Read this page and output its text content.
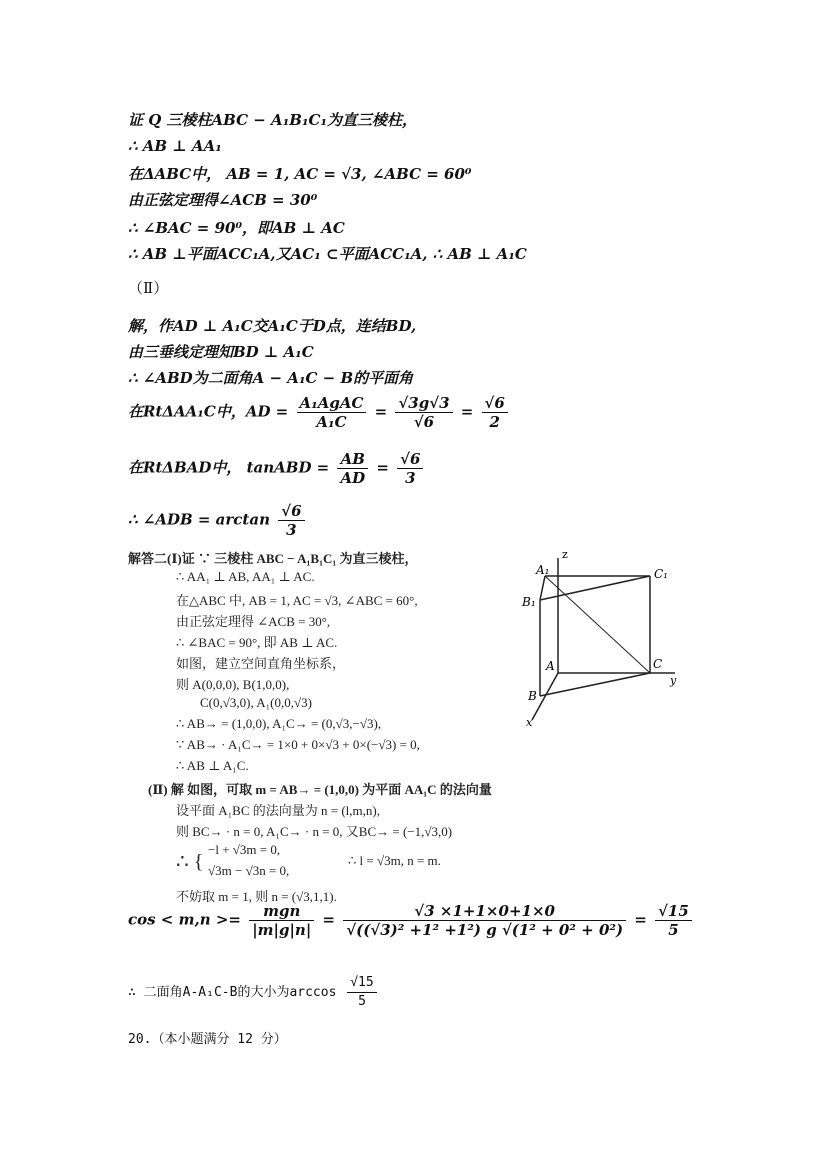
证 Q 三棱柱ABC − A₁B₁C₁为直三棱柱，
∴ AB ⊥ AA₁
在ΔABC中， AB = 1, AC = √3, ∠ABC = 60⁰
由正弦定理得∠ACB = 30⁰
∴ ∠BAC = 90⁰，即AB ⊥ AC
∴ AB ⊥平面ACC₁A,又AC₁ ⊂平面ACC₁A, ∴ AB ⊥ A₁C
（Ⅱ）
解，作AD ⊥ A₁C交A₁C于D点，连结BD,
由三垂线定理知BD ⊥ A₁C
∴ ∠ABD为二面角A − A₁C − B的平面角
在RtΔAA₁C中，AD = $\frac{\text{A₁AgAC}}{\text{A₁C}} = \frac{√3g√3}{√6} = \frac{√6}{2}$
在RtΔBAD中， tanABD = $\frac{AB}{AD} = \frac{√6}{3}$
∴ ∠ADB = $\arctan \frac{√6}{3}$
解答二(Ⅰ)证 ∵ 三棱柱 ABC − A₁B₁C₁ 为直三棱柱，
∴ AA₁ ⊥ AB, AA₁ ⊥ AC.
在△ABC 中, AB = 1, AC = √3, ∠ABC = 60°,
由正弦定理得 ∠ACB = 30°,
∴ ∠BAC = 90°, 即 AB ⊥ AC.
如图，建立空间直角坐标系，
则 A(0,0,0), B(1,0,0),
C(0,√3,0), A₁(0,0,√3)
∴ AB→ = (1,0,0), A₁C→ = (0,√3,−√3),
∵ AB→ · A₁C→ = 1×0 + 0×√3 + 0×(−√3) = 0,
∴ AB ⊥ A₁C.
(Ⅱ) 解 如图，可取 m = AB→ = (1,0,0) 为平面 AA₁C 的法向量
设平面 A₁BC 的法向量为 n = (l,m,n),
则 BC→ · n = 0, A₁C→ · n = 0, 又BC→ = (−1,√3,0)
∴ {
−l + √3m = 0,
√3m − √3n = 0,
∴ l = √3m, n = m.
不妨取 m = 1, 则 n = (√3,1,1).
z
A₁	C₁
B₁
A	C
B
y
x
$\cos < m,n >= \frac{\text{mgn}}{|m|g|n|} = \frac{√3 \times 1+1\times 0+1\times 0}{\text{√((√3)² +1² +1²) g √(1² + 0² + 0²)}} = \frac{√15}{5}$
∴ 二面角A-A₁C-B的大小为$\arccos \frac{√15}{5}$
20.（本小题满分 12 分）
